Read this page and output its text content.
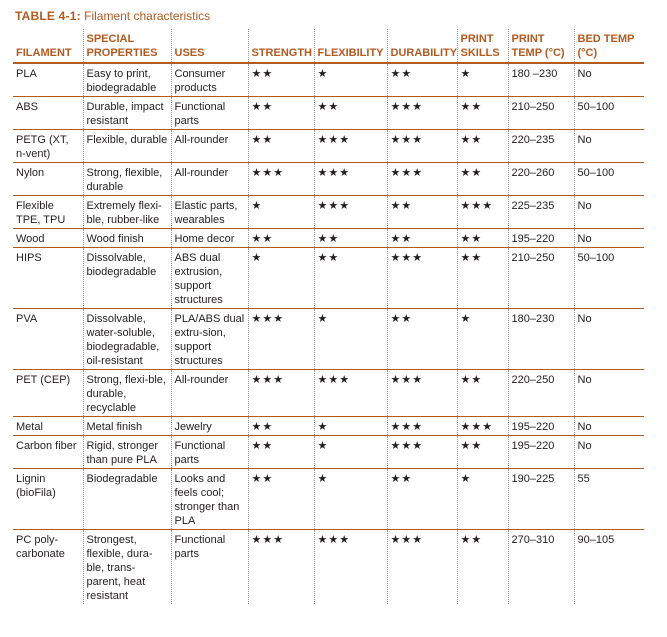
TABLE 4-1: Filament characteristics
FILAMENT	SPECIAL PROPERTIES	USES	STRENGTH	FLEXIBILITY	DURABILITY	PRINT SKILLS	PRINT TEMP (°C)	BED TEMP (°C)
PLA	Easy to print, biodegradable	Consumer products	★★	★	★★	★	180 –230	No
ABS	Durable, impact resistant	Functional parts	★★	★★	★★★	★★	210–250	50–100
PETG (XT, n-vent)	Flexible, durable	All-rounder	★★	★★★	★★★	★★	220–235	No
Nylon	Strong, flexible, durable	All-rounder	★★★	★★★	★★★	★★	220–260	50–100
Flexible TPE, TPU	Extremely flexi-ble, rubber-like	Elastic parts, wearables	★	★★★	★★	★★★	225–235	No
Wood	Wood finish	Home decor	★★	★★	★★	★★	195–220	No
HIPS	Dissolvable, biodegradable	ABS dual extrusion, support structures	★	★★	★★★	★★	210–250	50–100
PVA	Dissolvable, water-soluble, biodegradable, oil-resistant	PLA/ABS dual extru-sion, support structures	★★★	★	★★	★	180–230	No
PET (CEP)	Strong, flexi-ble, durable, recyclable	All-rounder	★★★	★★★	★★★	★★	220–250	No
Metal	Metal finish	Jewelry	★★	★	★★★	★★★	195–220	No
Carbon fiber	Rigid, stronger than pure PLA	Functional parts	★★	★	★★★	★★	195–220	No
Lignin (bioFila)	Biodegradable	Looks and feels cool; stronger than PLA	★★	★	★★	★	190–225	55
PC poly-carbonate	Strongest, flexible, dura-ble, trans-parent, heat resistant	Functional parts	★★★	★★★	★★★	★★	270–310	90–105
